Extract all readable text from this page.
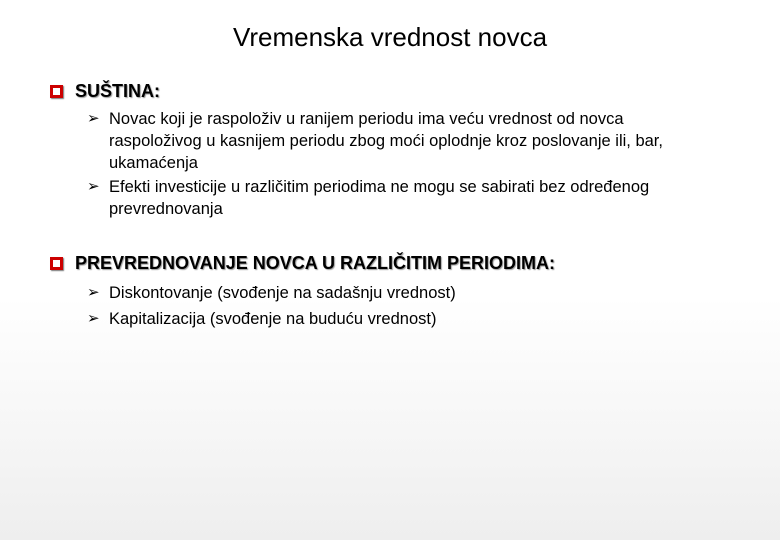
Vremenska vrednost novca
SUŠTINA:
➢ Novac koji je raspoloživ u ranijem periodu ima veću vrednost od novca raspoloživog u kasnijem periodu zbog moći oplodnje kroz poslovanje ili, bar, ukamaćenja
➢ Efekti investicije u različitim periodima ne mogu se sabirati bez određenog prevrednovanja
PREVREDNOVANJE NOVCA U RAZLIČITIM PERIODIMA:
➢ Diskontovanje (svođenje na sadašnju vrednost)
➢ Kapitalizacija (svođenje na buduću vrednost)
